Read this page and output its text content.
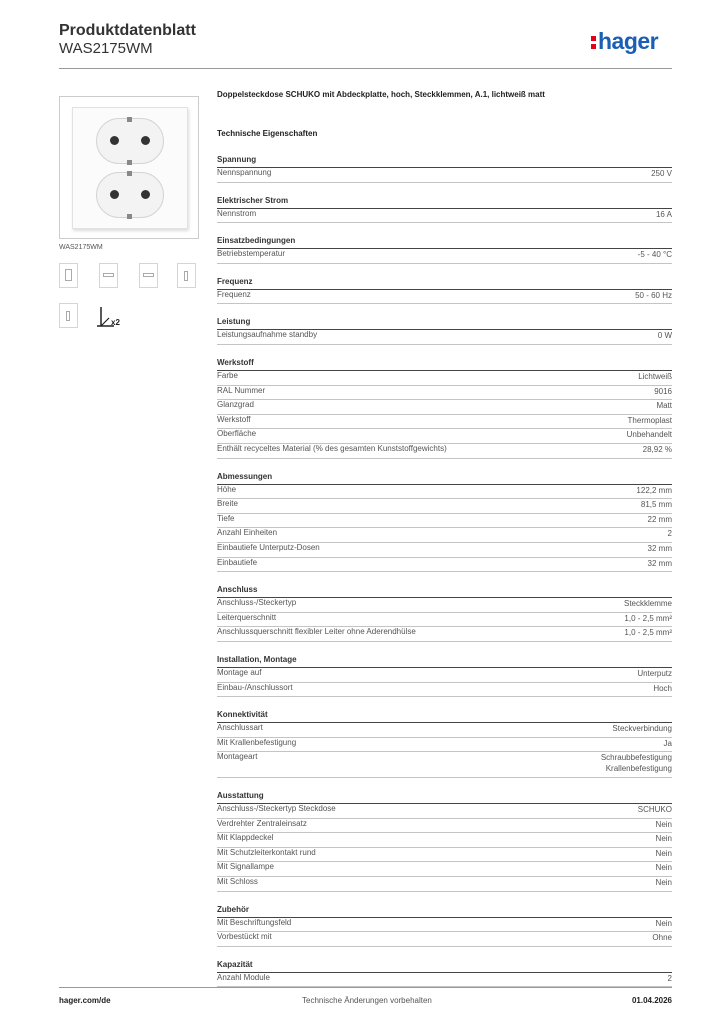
Produktdatenblatt
WAS2175WM	hager
WAS2175WM
x2
Doppelsteckdose SCHUKO mit Abdeckplatte, hoch, Steckklemmen, A.1, lichtweiß matt
Technische Eigenschaften
Spannung
Nennspannung	250 V
Elektrischer Strom
Nennstrom	16 A
Einsatzbedingungen
Betriebstemperatur	-5 - 40 °C
Frequenz
Frequenz	50 - 60 Hz
Leistung
Leistungsaufnahme standby	0 W
Werkstoff
Farbe	Lichtweiß
RAL Nummer	9016
Glanzgrad	Matt
Werkstoff	Thermoplast
Oberfläche	Unbehandelt
Enthält recyceltes Material (% des gesamten Kunststoffgewichts)	28,92 %
Abmessungen
Höhe	122,2 mm
Breite	81,5 mm
Tiefe	22 mm
Anzahl Einheiten	2
Einbautiefe Unterputz-Dosen	32 mm
Einbautiefe	32 mm
Anschluss
Anschluss-/Steckertyp	Steckklemme
Leiterquerschnitt	1,0 - 2,5 mm²
Anschlussquerschnitt flexibler Leiter ohne Aderendhülse	1,0 - 2,5 mm²
Installation, Montage
Montage auf	Unterputz
Einbau-/Anschlussort	Hoch
Konnektivität
Anschlussart	Steckverbindung
Mit Krallenbefestigung	Ja
Montageart	Schraubbefestigung
Krallenbefestigung
Ausstattung
Anschluss-/Steckertyp Steckdose	SCHUKO
Verdrehter Zentraleinsatz	Nein
Mit Klappdeckel	Nein
Mit Schutzleiterkontakt rund	Nein
Mit Signallampe	Nein
Mit Schloss	Nein
Zubehör
Mit Beschriftungsfeld	Nein
Vorbestückt mit	Ohne
Kapazität
Anzahl Module	2
hager.com/de	Technische Änderungen vorbehalten	01.04.2026
